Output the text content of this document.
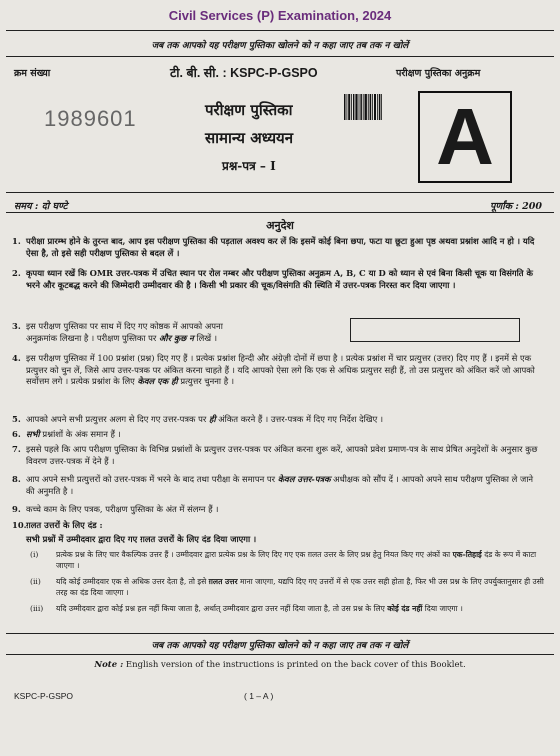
Civil Services (P) Examination, 2024
जब तक आपको यह परीक्षण पुस्तिका खोलने को न कहा जाए तब तक न खोलें
क्रम संख्या	टी. बी. सी. : KSPC-P-GSPO	परीक्षण पुस्तिका अनुक्रम
1989601	परीक्षण पुस्तिका
सामान्य अध्ययन
प्रश्न-पत्र – I A
समय : दो घण्टे	पूर्णांक : 200
अनुदेश
1. परीक्षा प्रारम्भ होने के तुरन्त बाद, आप इस परीक्षण पुस्तिका की पड़ताल अवश्य कर लें कि इसमें कोई बिना छपा, फटा या छूटा हुआ पृष्ठ अथवा प्रश्नांश आदि न हो । यदि ऐसा है, तो इसे सही परीक्षण पुस्तिका से बदल लें ।
2. कृपया ध्यान रखें कि OMR उत्तर-पत्रक में उचित स्थान पर रोल नम्बर और परीक्षण पुस्तिका अनुक्रम A, B, C या D को ध्यान से एवं बिना किसी चूक या विसंगति के भरने और कूटबद्ध करने की जिम्मेदारी उम्मीदवार की है । किसी भी प्रकार की चूक/विसंगति की स्थिति में उत्तर-पत्रक निरस्त कर दिया जाएगा ।
3. इस परीक्षण पुस्तिका पर साथ में दिए गए कोष्ठक में आपको अपना
अनुक्रमांक लिखना है । परीक्षण पुस्तिका पर और कुछ न लिखें ।
4. इस परीक्षण पुस्तिका में 100 प्रश्नांश (प्रश्न) दिए गए हैं । प्रत्येक प्रश्नांश हिन्दी और अंग्रेज़ी दोनों में छपा है । प्रत्येक प्रश्नांश में चार प्रत्युत्तर (उत्तर) दिए गए हैं । इनमें से एक प्रत्युत्तर को चुन लें, जिसे आप उत्तर-पत्रक पर अंकित करना चाहते हैं । यदि आपको ऐसा लगे कि एक से अधिक प्रत्युत्तर सही हैं, तो उस प्रत्युत्तर को अंकित करें जो आपको सर्वोत्तम लगे । प्रत्येक प्रश्नांश के लिए केवल एक ही प्रत्युत्तर चुनना है ।
5. आपको अपने सभी प्रत्युत्तर अलग से दिए गए उत्तर-पत्रक पर ही अंकित करने हैं । उत्तर-पत्रक में दिए गए निर्देश देखिए ।
6. सभी प्रश्नांशों के अंक समान हैं ।
7. इससे पहले कि आप परीक्षण पुस्तिका के विभिन्न प्रश्नांशों के प्रत्युत्तर उत्तर-पत्रक पर अंकित करना शुरू करें, आपको प्रवेश प्रमाण-पत्र के साथ प्रेषित अनुदेशों के अनुसार कुछ विवरण उत्तर-पत्रक में देने हैं ।
8. आप अपने सभी प्रत्युत्तरों को उत्तर-पत्रक में भरने के बाद तथा परीक्षा के समापन पर केवल उत्तर-पत्रक अधीक्षक को सौंप दें । आपको अपने साथ परीक्षण पुस्तिका ले जाने की अनुमति है ।
9. कच्चे काम के लिए पत्रक, परीक्षण पुस्तिका के अंत में संलग्न हैं ।
10. ग़लत उत्तरों के लिए दंड :
सभी प्रश्नों में उम्मीदवार द्वारा दिए गए ग़लत उत्तरों के लिए दंड दिया जाएगा ।
(i) प्रत्येक प्रश्न के लिए चार वैकल्पिक उत्तर हैं । उम्मीदवार द्वारा प्रत्येक प्रश्न के लिए दिए गए एक ग़लत उत्तर के लिए प्रश्न हेतु नियत किए गए अंकों का एक-तिहाई दंड के रूप में काटा जाएगा ।
(ii) यदि कोई उम्मीदवार एक से अधिक उत्तर देता है, तो इसे ग़लत उत्तर माना जाएगा, यद्यपि दिए गए उत्तरों में से एक उत्तर सही होता है, फिर भी उस प्रश्न के लिए उपर्युक्तानुसार ही उसी तरह का दंड दिया जाएगा ।
(iii) यदि उम्मीदवार द्वारा कोई प्रश्न हल नहीं किया जाता है, अर्थात् उम्मीदवार द्वारा उत्तर नहीं दिया जाता है, तो उस प्रश्न के लिए कोई दंड नहीं दिया जाएगा ।
जब तक आपको यह परीक्षण पुस्तिका खोलने को न कहा जाए तब तक न खोलें
Note : English version of the instructions is printed on the back cover of this Booklet.
KSPC-P-GSPO	( 1 – A )
